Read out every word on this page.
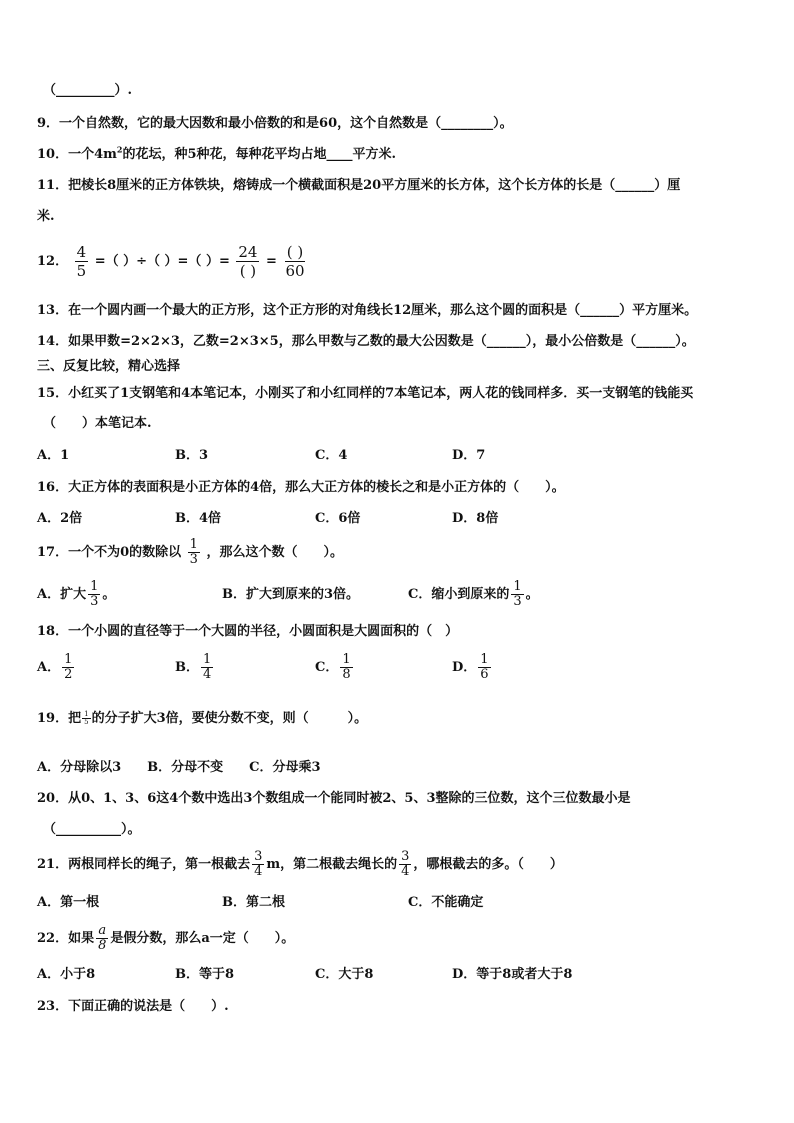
（_________）.
9．一个自然数，它的最大因数和最小倍数的和是60，这个自然数是（________）。
10．一个$4m^2$的花坛，种5种花，每种花平均占地____平方米.
11．把棱长8厘米的正方体铁块，熔铸成一个横截面积是20平方厘米的长方体，这个长方体的长是（______）厘
米.
12． $\frac{4}{5}$ =（ ）÷（ ）=（ ）= $\frac{24}{( )} = \frac{( )}{60}$
13．在一个圆内画一个最大的正方形，这个正方形的对角线长12厘米，那么这个圆的面积是（______）平方厘米。
14．如果甲数=2×2×3，乙数=2×3×5，那么甲数与乙数的最大公因数是（______），最小公倍数是（______）。
三、反复比较，精心选择
15．小红买了1支钢笔和4本笔记本，小刚买了和小红同样的7本笔记本，两人花的钱同样多．买一支钢笔的钱能买
（　　）本笔记本.
A．1	B．3	C．4	D．7
16．大正方体的表面积是小正方体的4倍，那么大正方体的棱长之和是小正方体的（　　）。
A．2倍	B．4倍	C．6倍	D．8倍
17．一个不为0的数除以 $\frac{1}{3}$ ，那么这个数（　　）。
A．扩大 $\frac{1}{3}$ 。	B．扩大到原来的3倍。	C．缩小到原来的 $\frac{1}{3}$ 。
18．一个小圆的直径等于一个大圆的半径，小圆面积是大圆面积的（　）
A． $\frac{1}{2}$	B． $\frac{1}{4}$	C． $\frac{1}{8}$	D． $\frac{1}{6}$
19．把 $\frac{1}{5}$ 的分子扩大3倍，要使分数不变，则（　　　）。
A．分母除以3　　B．分母不变　　C．分母乘3
20．从0、1、3、6这4个数中选出3个数组成一个能同时被2、5、3整除的三位数，这个三位数最小是
（__________）。
21．两根同样长的绳子，第一根截去 $\frac{3}{4}$ m，第二根截去绳长的 $\frac{3}{4}$ ，哪根截去的多。（　　）
A．第一根	B．第二根	C．不能确定
22．如果 $\frac{a}{8}$ 是假分数，那么a一定（　　）。
A．小于8	B．等于8	C．大于8	D．等于8或者大于8
23．下面正确的说法是（　　）.
